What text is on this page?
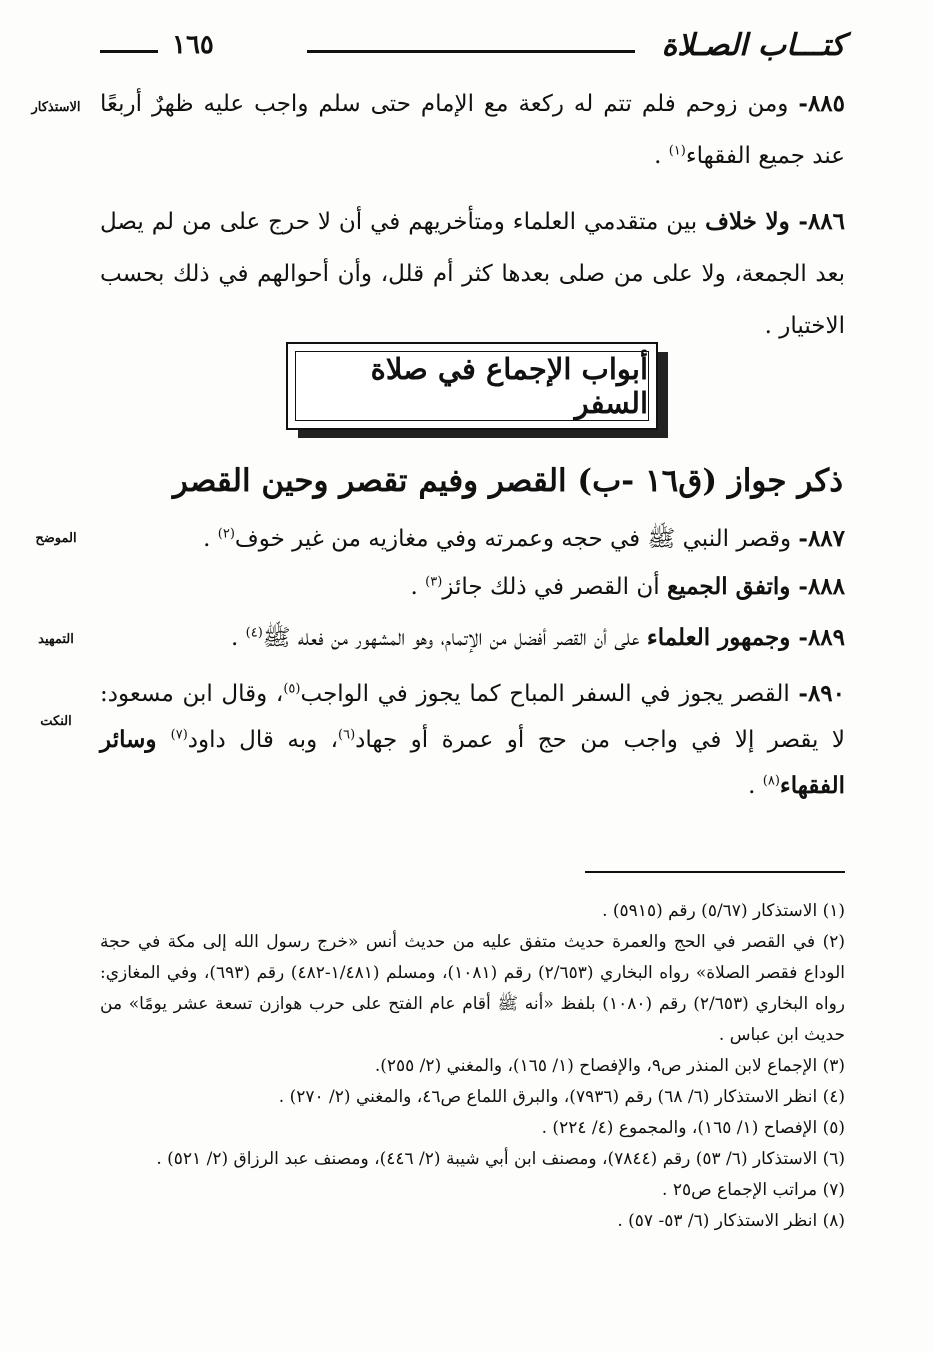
كتـــاب الصـلاة
١٦٥
الاستذكار
الموضح
التمهيد
النكت

٨٨٥- ومن زوحم فلم تتم له ركعة مع الإمام حتى سلم واجب عليه ظهرٌ أربعًا عند جميع الفقهاء$^{(١)}$ .

٨٨٦- ولا خلاف بين متقدمي العلماء ومتأخريهم في أن لا حرج على من لم يصل بعد الجمعة، ولا على من صلى بعدها كثر أم قلل، وأن أحوالهم في ذلك بحسب الاختيار .

أبواب الإجماع في صلاة السفر
ذكر جواز (ق١٦ -ب) القصر وفيم تقصر وحين القصر

٨٨٧- وقصر النبي ﷺ في حجه وعمرته وفي مغازيه من غير خوف$^{(٢)}$ .

٨٨٨- واتفق الجميع أن القصر في ذلك جائز$^{(٣)}$ .

٨٨٩- وجمهور العلماء على أن القصر أفضل من الإتمام، وهو المشهور من فعله ﷺ$^{(٤)}$ .

٨٩٠- القصر يجوز في السفر المباح كما يجوز في الواجب$^{(٥)}$، وقال ابن مسعود: لا يقصر إلا في واجب من حج أو عمرة أو جهاد$^{(٦)}$، وبه قال داود$^{(٧)}$ وسائر الفقهاء$^{(٨)}$ .

(١) الاستذكار (٥/٦٧) رقم (٥٩١٥) .
(٢) في القصر في الحج والعمرة حديث متفق عليه من حديث أنس «خرج رسول الله إلى مكة في حجة الوداع فقصر الصلاة» رواه البخاري (٢/٦٥٣) رقم (١٠٨١)، ومسلم (١/٤٨١-٤٨٢) رقم (٦٩٣)، وفي المغازي: رواه البخاري (٢/٦٥٣) رقم (١٠٨٠) بلفظ «أنه ﷺ أقام عام الفتح على حرب هوازن تسعة عشر يومًا» من حديث ابن عباس .
(٣) الإجماع لابن المنذر ص٩، والإفصاح (١/ ١٦٥)، والمغني (٢/ ٢٥٥).
(٤) انظر الاستذكار (٦/ ٦٨) رقم (٧٩٣٦)، والبرق اللماع ص٤٦، والمغني (٢/ ٢٧٠) .
(٥) الإفصاح (١/ ١٦٥)، والمجموع (٤/ ٢٢٤) .
(٦) الاستذكار (٦/ ٥٣) رقم (٧٨٤٤)، ومصنف ابن أبي شيبة (٢/ ٤٤٦)، ومصنف عبد الرزاق (٢/ ٥٢١) .
(٧) مراتب الإجماع ص٢٥ .
(٨) انظر الاستذكار (٦/ ٥٣- ٥٧) .
